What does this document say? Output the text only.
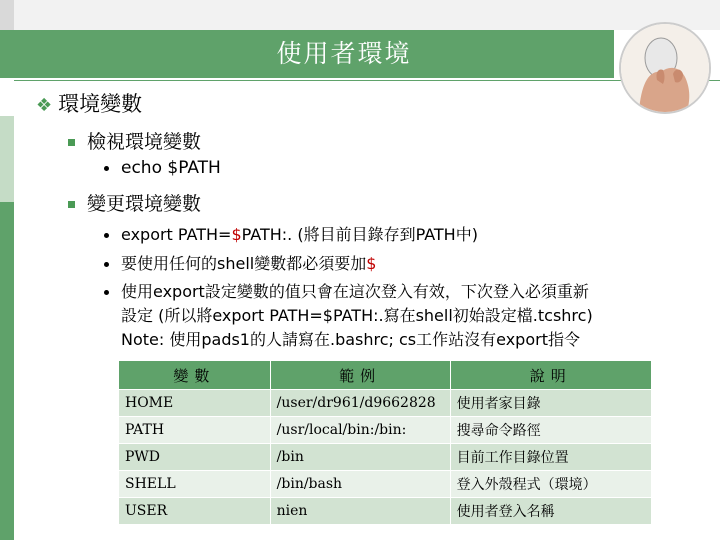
使用者環境
❖ 環境變數
檢視環境變數
echo $PATH
變更環境變數
export PATH=$PATH:. (將目前目錄存到PATH中)
要使用任何的shell變數都必須要加$
使用export設定變數的值只會在這次登入有效，下次登入必須重新
設定 (所以將export PATH=$PATH:.寫在shell初始設定檔.tcshrc)
Note: 使用pads1的人請寫在.bashrc; cs工作站沒有export指令
變數	範例	說明
HOME	/user/dr961/d9662828	使用者家目錄
PATH	/usr/local/bin:/bin:	搜尋命令路徑
PWD	/bin	目前工作目錄位置
SHELL	/bin/bash	登入外殼程式（環境）
USER	nien	使用者登入名稱
